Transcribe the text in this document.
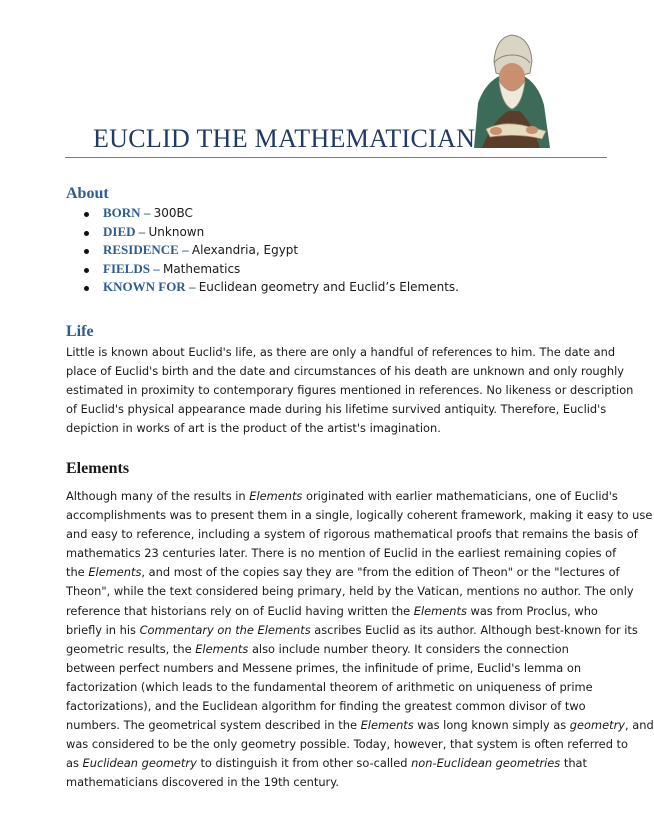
EUCLID THE MATHEMATICIAN
About
BORN – 300BC
DIED – Unknown
RESIDENCE – Alexandria, Egypt
FIELDS – Mathematics
KNOWN FOR – Euclidean geometry and Euclid’s Elements.
Life
Little is known about Euclid's life, as there are only a handful of references to him. The date and
place of Euclid's birth and the date and circumstances of his death are unknown and only roughly
estimated in proximity to contemporary figures mentioned in references. No likeness or description
of Euclid's physical appearance made during his lifetime survived antiquity. Therefore, Euclid's
depiction in works of art is the product of the artist's imagination.
Elements
Although many of the results in Elements originated with earlier mathematicians, one of Euclid's
accomplishments was to present them in a single, logically coherent framework, making it easy to use
and easy to reference, including a system of rigorous mathematical proofs that remains the basis of
mathematics 23 centuries later. There is no mention of Euclid in the earliest remaining copies of
the Elements, and most of the copies say they are "from the edition of Theon" or the "lectures of
Theon", while the text considered being primary, held by the Vatican, mentions no author. The only
reference that historians rely on of Euclid having written the Elements was from Proclus, who
briefly in his Commentary on the Elements ascribes Euclid as its author. Although best-known for its
geometric results, the Elements also include number theory. It considers the connection
between perfect numbers and Messene primes, the infinitude of prime, Euclid's lemma on
factorization (which leads to the fundamental theorem of arithmetic on uniqueness of prime
factorizations), and the Euclidean algorithm for finding the greatest common divisor of two
numbers. The geometrical system described in the Elements was long known simply as geometry, and
was considered to be the only geometry possible. Today, however, that system is often referred to
as Euclidean geometry to distinguish it from other so-called non-Euclidean geometries that
mathematicians discovered in the 19th century.
